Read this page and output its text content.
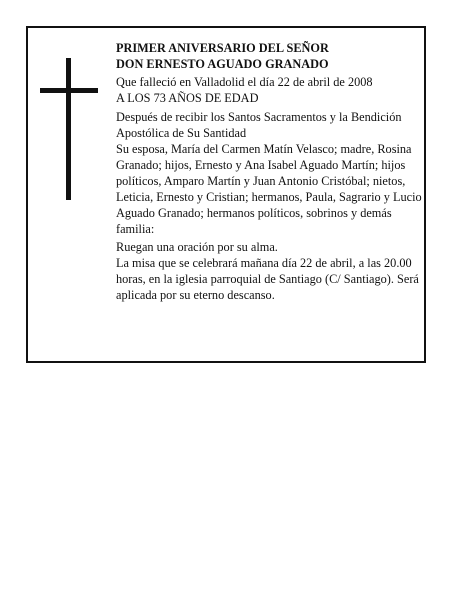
PRIMER ANIVERSARIO DEL SEÑOR

DON ERNESTO AGUADO GRANADO

Que falleció en Valladolid el día 22 de abril de 2008

A LOS 73 AÑOS DE EDAD

Después de recibir los Santos Sacramentos y la Bendición Apostólica de Su Santidad

Su esposa, María del Carmen Matín Velasco; madre, Rosina Granado; hijos, Ernesto y Ana Isabel Aguado Martín; hijos políticos, Amparo Martín y Juan Antonio Cristóbal; nietos, Leticia, Ernesto y Cristian; hermanos, Paula, Sagrario y Lucio Aguado Granado; hermanos políticos, sobrinos y demás familia:

Ruegan una oración por su alma.

La misa que se celebrará mañana día 22 de abril, a las 20.00 horas, en la iglesia parroquial de Santiago (C/ Santiago). Será aplicada por su eterno descanso.
